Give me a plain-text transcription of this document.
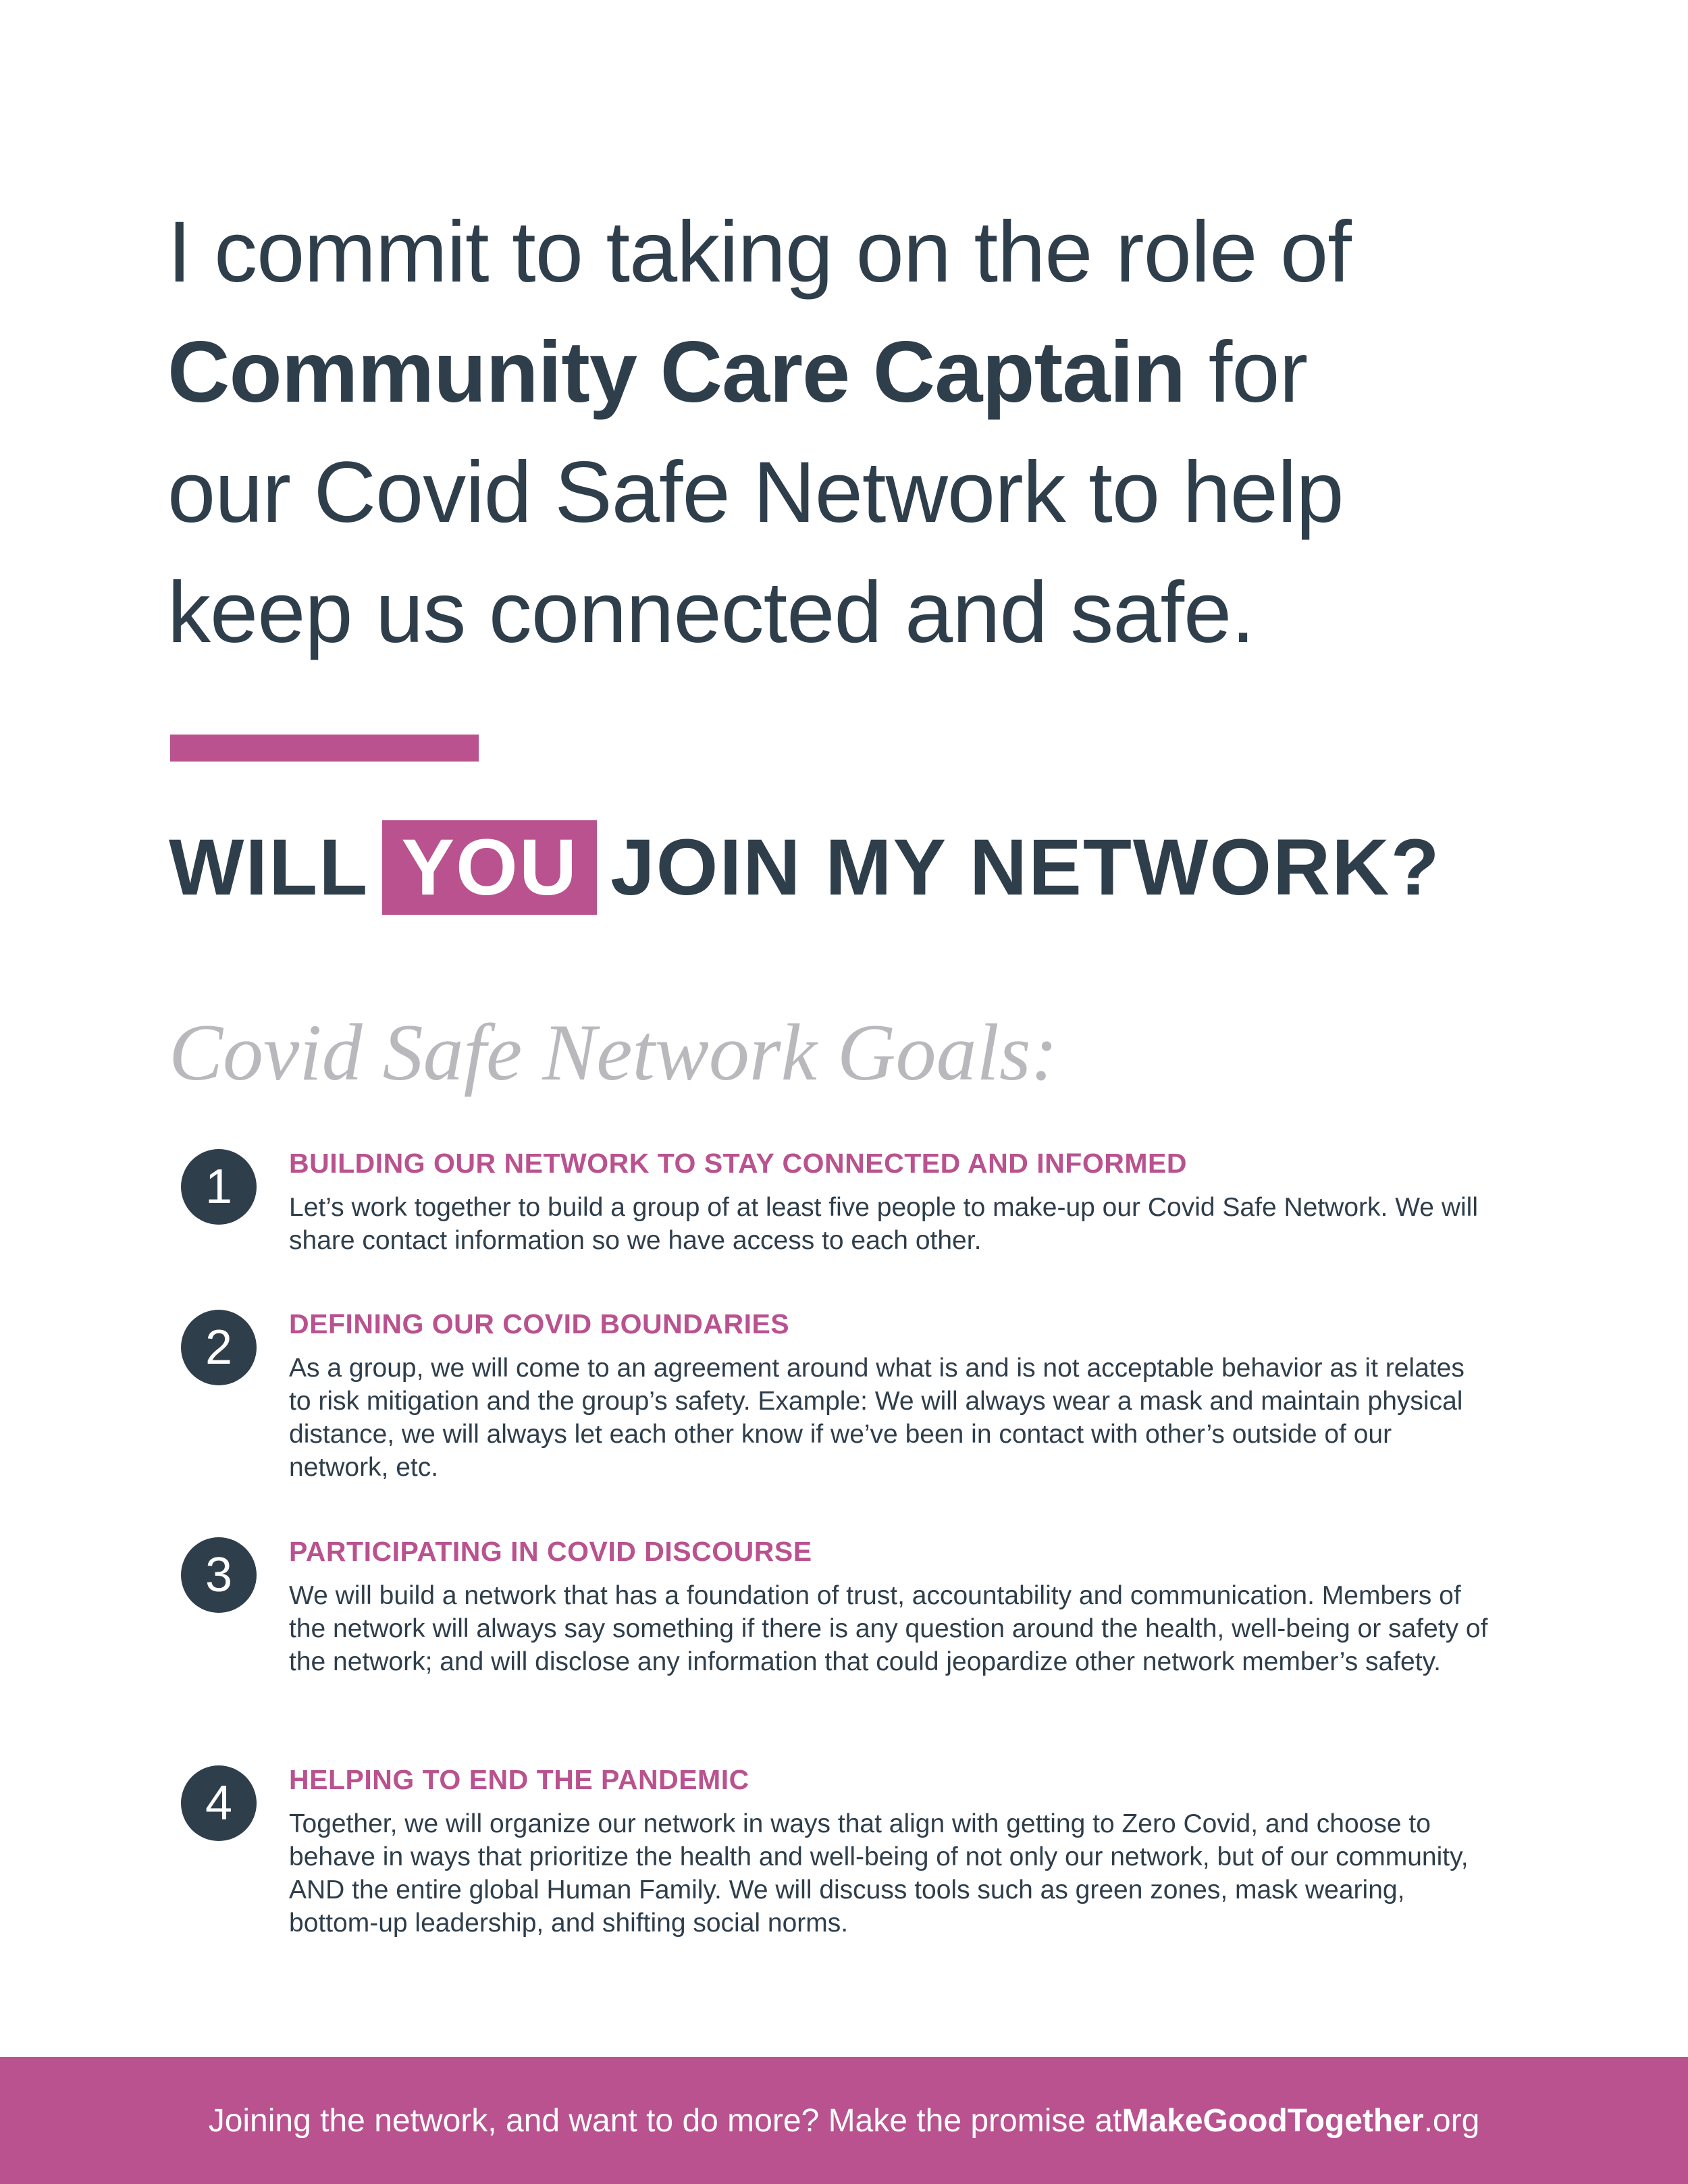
I commit to taking on the role of
Community Care Captain for
our Covid Safe Network to help
keep us connected and safe.
WILL YOU JOIN MY NETWORK?
Covid Safe Network Goals:
1	BUILDING OUR NETWORK TO STAY CONNECTED AND INFORMED
Let’s work together to build a group of at least five people to make-up our Covid Safe Network. We will share contact information so we have access to each other.
2	DEFINING OUR COVID BOUNDARIES
As a group, we will come to an agreement around what is and is not acceptable behavior as it relates to risk mitigation and the group’s safety. Example: We will always wear a mask and maintain physical distance, we will always let each other know if we’ve been in contact with other’s outside of our network, etc.
3	PARTICIPATING IN COVID DISCOURSE
We will build a network that has a foundation of trust, accountability and communication. Members of the network will always say something if there is any question around the health, well-being or safety of the network; and will disclose any information that could jeopardize other network member’s safety.
4	HELPING TO END THE PANDEMIC
Together, we will organize our network in ways that align with getting to Zero Covid, and choose to behave in ways that prioritize the health and well-being of not only our network, but of our community, AND the entire global Human Family. We will discuss tools such as green zones, mask wearing, bottom-up leadership, and shifting social norms.
Joining the network, and want to do more? Make the promise at MakeGoodTogether.org
